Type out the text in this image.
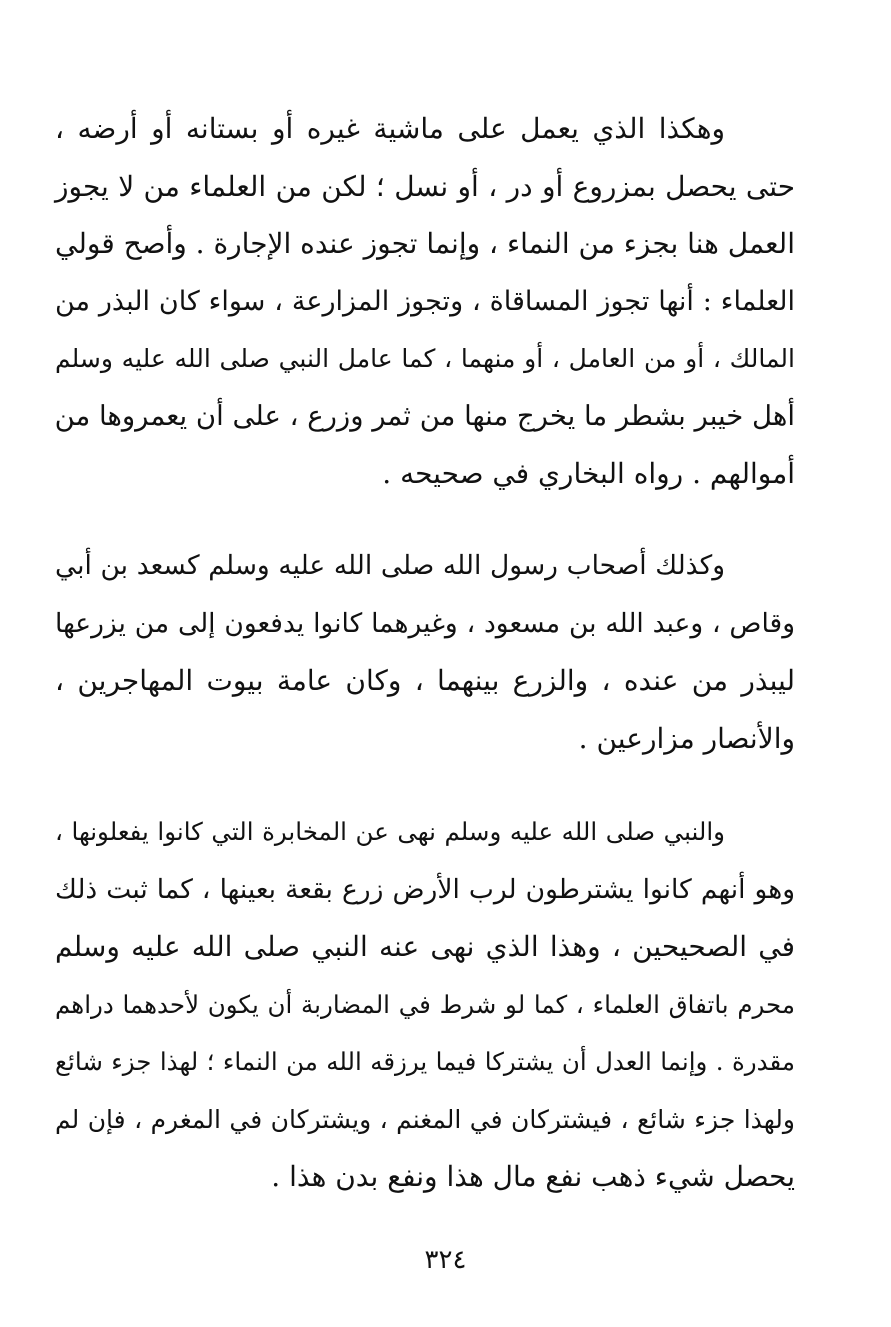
وهكذا الذي يعمل على ماشية غيره أو بستانه أو أرضه ،
حتى يحصل بمزروع أو در ، أو نسل ؛ لكن من العلماء من لا يجوز
العمل هنا بجزء من النماء ، وإنما تجوز عنده الإجارة . وأصح قولي
العلماء : أنها تجوز المساقاة ، وتجوز المزارعة ، سواء كان البذر من
المالك ، أو من العامل ، أو منهما ، كما عامل النبي صلى الله عليه وسلم
أهل خيبر بشطر ما يخرج منها من ثمر وزرع ، على أن يعمروها من
أموالهم . رواه البخاري في صحيحه .
وكذلك أصحاب رسول الله صلى الله عليه وسلم كسعد بن أبي
وقاص ، وعبد الله بن مسعود ، وغيرهما كانوا يدفعون إلى من يزرعها
ليبذر من عنده ، والزرع بينهما ، وكان عامة بيوت المهاجرين ،
والأنصار مزارعين .
والنبي صلى الله عليه وسلم نهى عن المخابرة التي كانوا يفعلونها ،
وهو أنهم كانوا يشترطون لرب الأرض زرع بقعة بعينها ، كما ثبت ذلك
في الصحيحين ، وهذا الذي نهى عنه النبي صلى الله عليه وسلم
محرم باتفاق العلماء ، كما لو شرط في المضاربة أن يكون لأحدهما دراهم
مقدرة . وإنما العدل أن يشتركا فيما يرزقه الله من النماء ؛ لهذا جزء شائع
ولهذا جزء شائع ، فيشتركان في المغنم ، ويشتركان في المغرم ، فإن لم
يحصل شيء ذهب نفع مال هذا ونفع بدن هذا .
٣٢٤
